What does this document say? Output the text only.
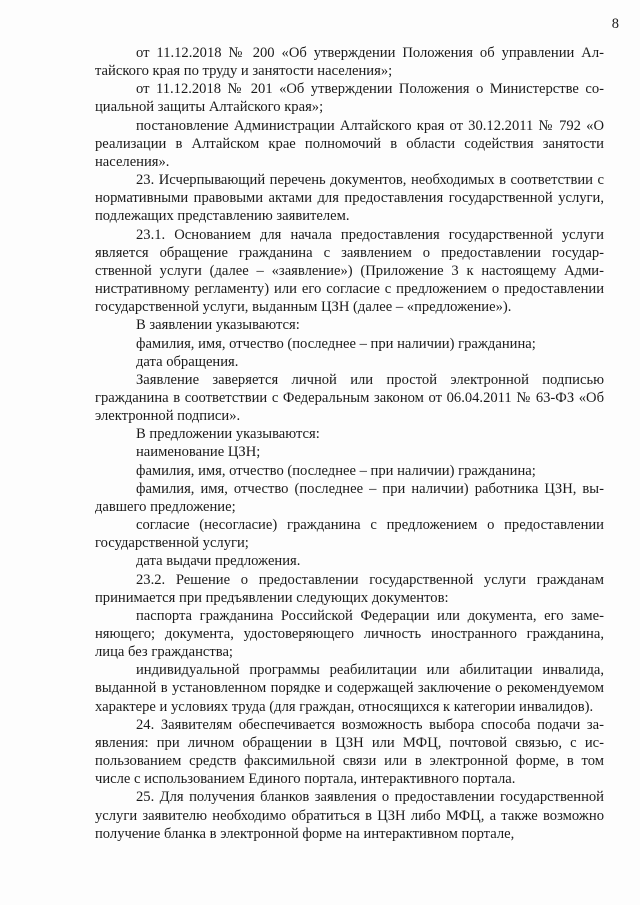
8

от 11.12.2018 № 200 «Об утверждении Положения об управлении Алтайского края по труду и занятости населения»;

от 11.12.2018 № 201 «Об утверждении Положения о Министерстве социальной защиты Алтайского края»;

постановление Администрации Алтайского края от 30.12.2011 № 792 «О реализации в Алтайском крае полномочий в области содействия занятости населения».

23. Исчерпывающий перечень документов, необходимых в соответствии с нормативными правовыми актами для предоставления государственной услуги, подлежащих представлению заявителем.

23.1. Основанием для начала предоставления государственной услуги является обращение гражданина с заявлением о предоставлении государственной услуги (далее – «заявление») (Приложение 3 к настоящему Административному регламенту) или его согласие с предложением о предоставлении государственной услуги, выданным ЦЗН (далее – «предложение»).

В заявлении указываются:

фамилия, имя, отчество (последнее – при наличии) гражданина;

дата обращения.

Заявление заверяется личной или простой электронной подписью гражданина в соответствии с Федеральным законом от 06.04.2011 № 63-ФЗ «Об электронной подписи».

В предложении указываются:

наименование ЦЗН;

фамилия, имя, отчество (последнее – при наличии) гражданина;

фамилия, имя, отчество (последнее – при наличии) работника ЦЗН, выдавшего предложение;

согласие (несогласие) гражданина с предложением о предоставлении государственной услуги;

дата выдачи предложения.

23.2. Решение о предоставлении государственной услуги гражданам принимается при предъявлении следующих документов:

паспорта гражданина Российской Федерации или документа, его заменяющего; документа, удостоверяющего личность иностранного гражданина, лица без гражданства;

индивидуальной программы реабилитации или абилитации инвалида, выданной в установленном порядке и содержащей заключение о рекомендуемом характере и условиях труда (для граждан, относящихся к категории инвалидов).

24. Заявителям обеспечивается возможность выбора способа подачи заявления: при личном обращении в ЦЗН или МФЦ, почтовой связью, с использованием средств факсимильной связи или в электронной форме, в том числе с использованием Единого портала, интерактивного портала.

25. Для получения бланков заявления о предоставлении государственной услуги заявителю необходимо обратиться в ЦЗН либо МФЦ, а также возможно получение бланка в электронной форме на интерактивном портале,
